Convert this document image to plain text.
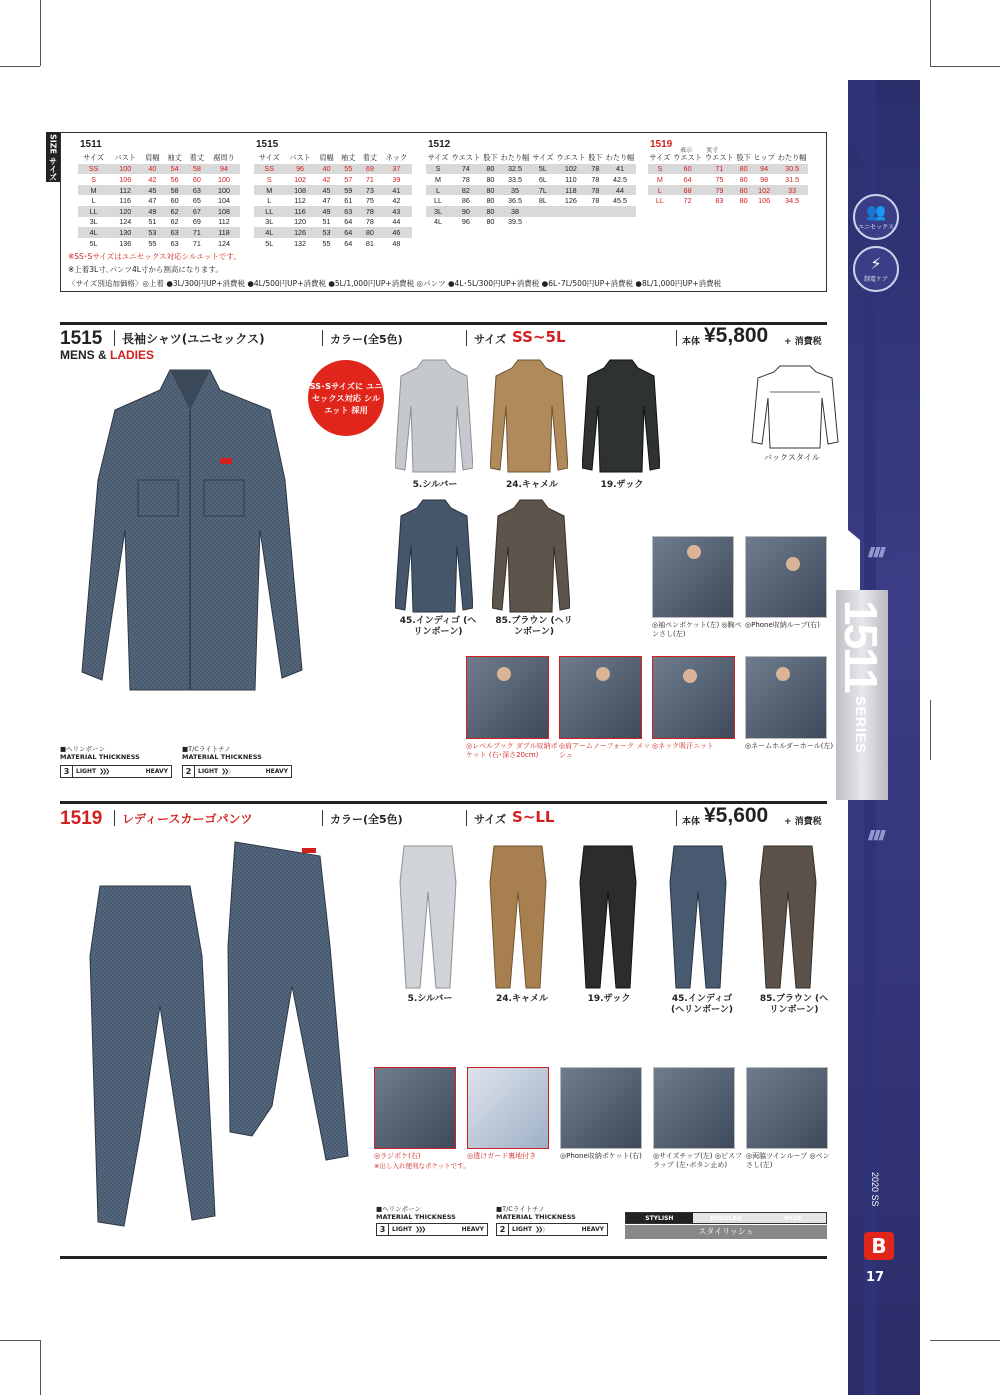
👥
ユニセックス
⚡
制電ケア
/// /// ///
/// /// ///
1511 SERIES
2020 SS
B
17
SIZE サイズ 1511
サイズ	バスト	肩幅	袖丈	着丈	裾周り
SS	100	40	54	58	94
S	106	42	56	60	100
M	112	45	58	63	100
L	116	47	60	65	104
LL	120	49	62	67	108
3L	124	51	62	69	112
4L	130	53	63	71	118
5L	136	55	63	71	124
1515
サイズ	バスト	肩幅	袖丈	着丈	ネック
SS	96	40	55	69	37
S	102	42	57	71	39
M	108	45	59	73	41
L	112	47	61	75	42
LL	116	49	63	78	43
3L	120	51	64	78	44
4L	126	53	64	80	46
5L	132	55	64	81	48
1512
サイズ	ウエスト	股下	わたり幅	サイズ	ウエスト	股下	わたり幅
S	74	80	32.5	5L	102	78	41
M	78	80	33.5	6L	110	78	42.5
L	82	80	35	7L	118	78	44
LL	86	80	36.5	8L	126	78	45.5
3L	90	80	38				
4L	96	80	39.5				
1519
表示 実寸
サイズ	ウエスト	ウエスト	股下	ヒップ	わたり幅
S	60	71	80	94	30.5
M	64	75	80	98	31.5
L	68	79	80	102	33
LL	72	83	80	106	34.5
※SS･Sサイズはユニセックス対応シルエットです。
※上着3L寸､パンツ4L寸から割高になります。
〈サイズ別追加価格〉◎上着 ●3L/300円UP+消費税 ●4L/500円UP+消費税 ●5L/1,000円UP+消費税 ◎パンツ ●4L･5L/300円UP+消費税 ●6L･7L/500円UP+消費税 ●8L/1,000円UP+消費税
1515 長袖シャツ(ユニセックス)	カラー(全5色)	サイズ SS~5L	本体 ¥5,800 + 消費税
MENS & LADIES
SS･Sサイズに ユニセックス対応 シルエット 採用
5.シルバー	24.キャメル	19.ザック
45.インディゴ (ヘリンボーン)
85.ブラウン (ヘリンボーン)
バックスタイル
◎袖ペンポケット(左) ◎胸ペンさし(左)
◎Phone収納ループ(右)
◎レベルブック ダブル収納ポケット (右･深さ20cm)
◎肩アームノーフォーク メッシュ
◎ネック吸汗ニット	◎ネームホルダーホール(左)
■ヘリンボーン
MATERIAL THICKNESS
3	LIGHT ❯❯❯	HEAVY
■T/Cライトチノ
MATERIAL THICKNESS
2	LIGHT ❯❯❯	HEAVY
1519 レディースカーゴパンツ	カラー(全5色)	サイズ S~LL	本体 ¥5,600 + 消費税
5.シルバー	24.キャメル	19.ザック	45.インディゴ (ヘリンボーン)
85.ブラウン (ヘリンボーン)
◎ラジポケ(右)
※出し入れ便利なポケットです。
◎透けガード裏地付き	◎Phone収納ポケット(右)	◎サイズチップ(左) ◎ピスフラップ (左･ボタン止め)
◎両脇ツインループ ◎ペンさし(左)
■ヘリンボーン
MATERIAL THICKNESS
3	LIGHT ❯❯❯	HEAVY
■T/Cライトチノ
MATERIAL THICKNESS
2	LIGHT ❯❯❯	HEAVY
STYLISH	REGULAR	WIDE
スタイリッシュ
